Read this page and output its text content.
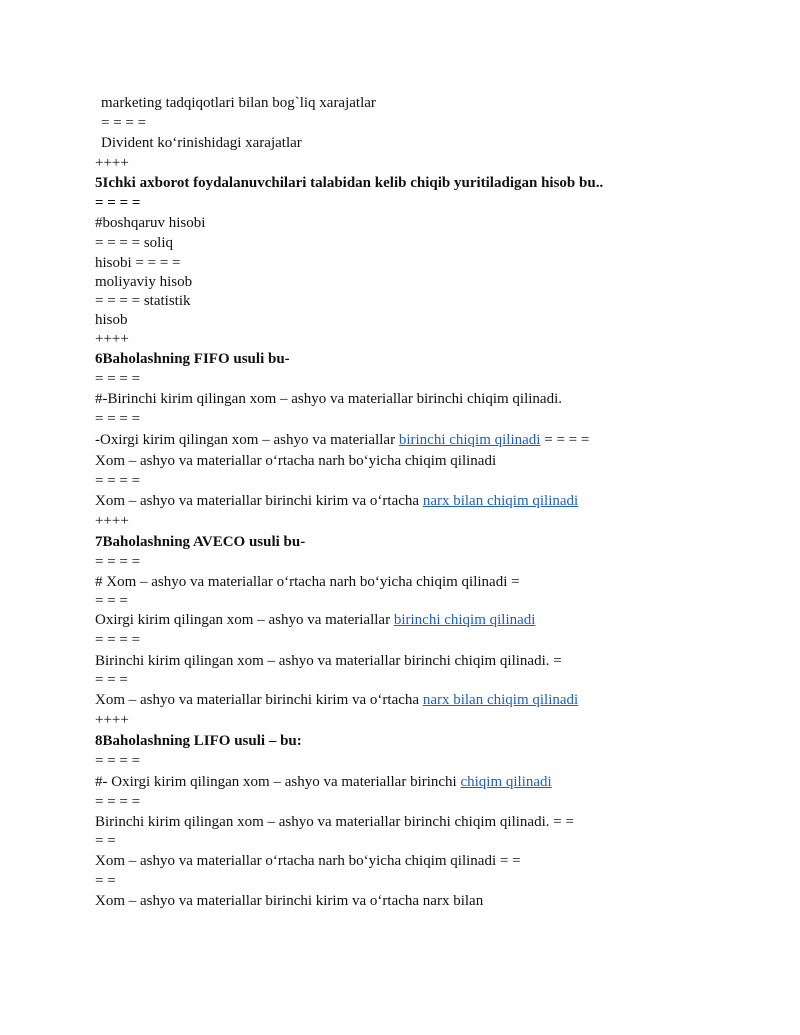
marketing tadqiqotlari bilan bog`liq xarajatlar
= = = =
Divident ko‘rinishidagi xarajatlar
++++
5Ichki axborot foydalanuvchilari talabidan kelib chiqib yuritiladigan hisob bu..
= = = =
#boshqaruv hisobi
= = = = soliq
hisobi = = = =
moliyaviy hisob
= = = = statistik
hisob
++++
6Baholashning FIFO usuli bu-
= = = =
#-Birinchi kirim qilingan xom – ashyo va materiallar birinchi chiqim qilinadi.
= = = =
-Oxirgi kirim qilingan xom – ashyo va materiallar birinchi chiqim qilinadi = = = =
Xom – ashyo va materiallar o‘rtacha narh bo‘yicha chiqim qilinadi
= = = =
Xom – ashyo va materiallar birinchi kirim va o‘rtacha narx bilan chiqim qilinadi
++++
7Baholashning AVECO usuli bu-
= = = =
# Xom – ashyo va materiallar o‘rtacha narh bo‘yicha chiqim qilinadi =
= = =
Oxirgi kirim qilingan xom – ashyo va materiallar birinchi chiqim qilinadi
= = = =
Birinchi kirim qilingan xom – ashyo va materiallar birinchi chiqim qilinadi. =
= = =
Xom – ashyo va materiallar birinchi kirim va o‘rtacha narx bilan chiqim qilinadi
++++
8Baholashning LIFO usuli – bu:
= = = =
#- Oxirgi kirim qilingan xom – ashyo va materiallar birinchi chiqim qilinadi
= = = =
Birinchi kirim qilingan xom – ashyo va materiallar birinchi chiqim qilinadi. = =
= =
Xom – ashyo va materiallar o‘rtacha narh bo‘yicha chiqim qilinadi = =
= =
Xom – ashyo va materiallar birinchi kirim va o‘rtacha narx bilan
